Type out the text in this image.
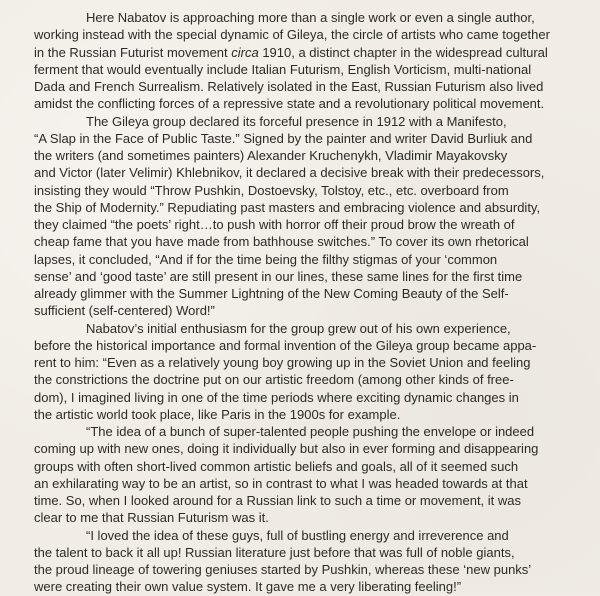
Here Nabatov is approaching more than a single work or even a single author,
working instead with the special dynamic of Gileya, the circle of artists who came together
in the Russian Futurist movement circa 1910, a distinct chapter in the widespread cultural
ferment that would eventually include Italian Futurism, English Vorticism, multi-national
Dada and French Surrealism. Relatively isolated in the East, Russian Futurism also lived
amidst the conflicting forces of a repressive state and a revolutionary political movement.
The Gileya group declared its forceful presence in 1912 with a Manifesto,
“A Slap in the Face of Public Taste.” Signed by the painter and writer David Burliuk and
the writers (and sometimes painters) Alexander Kruchenykh, Vladimir Mayakovsky
and Victor (later Velimir) Khlebnikov, it declared a decisive break with their predecessors,
insisting they would “Throw Pushkin, Dostoevsky, Tolstoy, etc., etc. overboard from
the Ship of Modernity.” Repudiating past masters and embracing violence and absurdity,
they claimed “the poets’ right…to push with horror off their proud brow the wreath of
cheap fame that you have made from bathhouse switches.” To cover its own rhetorical
lapses, it concluded, “And if for the time being the filthy stigmas of your ‘common
sense’ and ‘good taste’ are still present in our lines, these same lines for the first time
already glimmer with the Summer Lightning of the New Coming Beauty of the Self-
sufficient (self-centered) Word!”
Nabatov’s initial enthusiasm for the group grew out of his own experience,
before the historical importance and formal invention of the Gileya group became appa-
rent to him: “Even as a relatively young boy growing up in the Soviet Union and feeling
the constrictions the doctrine put on our artistic freedom (among other kinds of free-
dom), I imagined living in one of the time periods where exciting dynamic changes in
the artistic world took place, like Paris in the 1900s for example.
“The idea of a bunch of super-talented people pushing the envelope or indeed
coming up with new ones, doing it individually but also in ever forming and disappearing
groups with often short-lived common artistic beliefs and goals, all of it seemed such
an exhilarating way to be an artist, so in contrast to what I was headed towards at that
time. So, when I looked around for a Russian link to such a time or movement, it was
clear to me that Russian Futurism was it.
“I loved the idea of these guys, full of bustling energy and irreverence and
the talent to back it all up! Russian literature just before that was full of noble giants,
the proud lineage of towering geniuses started by Pushkin, whereas these ‘new punks’
were creating their own value system. It gave me a very liberating feeling!”
